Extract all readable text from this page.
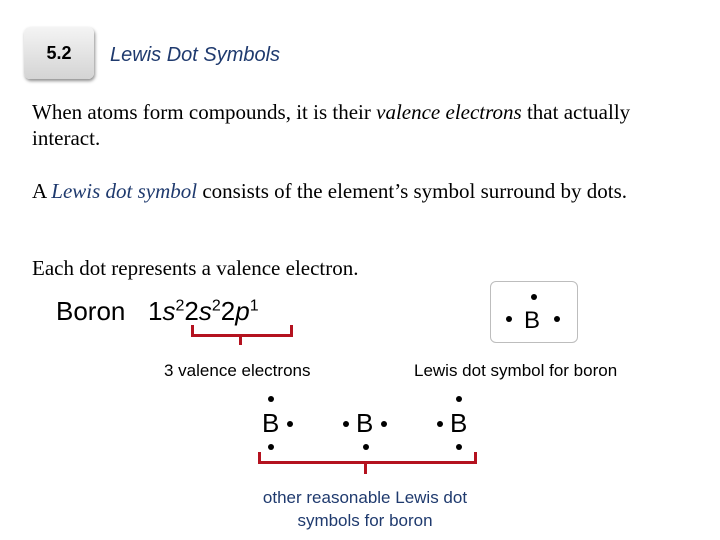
5.2 Lewis Dot Symbols
When atoms form compounds, it is their valence electrons that actually interact.
A Lewis dot symbol consists of the element’s symbol surround by dots.
Each dot represents a valence electron.
Boron $1s^22s^22p^1$
3 valence electrons
B
Lewis dot symbol for boron
B	B	B
other reasonable Lewis dot
symbols for boron
